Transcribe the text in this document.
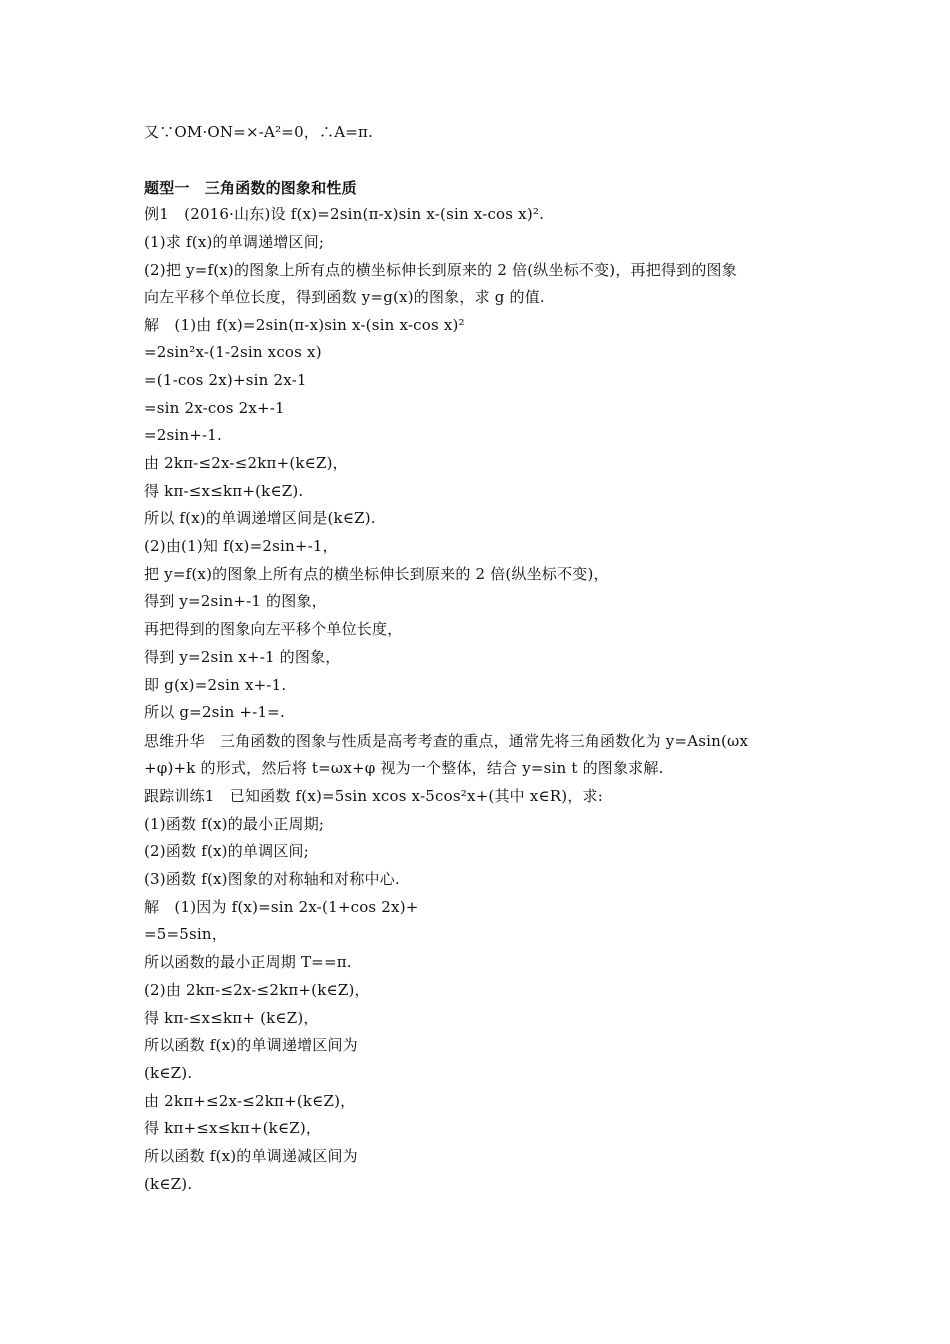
又∵OM·ON=×-A²=0，∴A=π.
题型一　三角函数的图象和性质
例1　(2016·山东)设 f(x)=2sin(π-x)sin x-(sin x-cos x)².
(1)求 f(x)的单调递增区间;
(2)把 y=f(x)的图象上所有点的横坐标伸长到原来的 2 倍(纵坐标不变)，再把得到的图象
向左平移个单位长度，得到函数 y=g(x)的图象，求 g 的值.
解　(1)由 f(x)=2sin(π-x)sin x-(sin x-cos x)²
=2sin²x-(1-2sin xcos x)
=(1-cos 2x)+sin 2x-1
=sin 2x-cos 2x+-1
=2sin+-1.
由 2kπ-≤2x-≤2kπ+(k∈Z)，
得 kπ-≤x≤kπ+(k∈Z).
所以 f(x)的单调递增区间是(k∈Z).
(2)由(1)知 f(x)=2sin+-1，
把 y=f(x)的图象上所有点的横坐标伸长到原来的 2 倍(纵坐标不变)，
得到 y=2sin+-1 的图象，
再把得到的图象向左平移个单位长度，
得到 y=2sin x+-1 的图象，
即 g(x)=2sin x+-1.
所以 g=2sin +-1=.
思维升华　三角函数的图象与性质是高考考查的重点，通常先将三角函数化为 y=Asin(ωx
+φ)+k 的形式，然后将 t=ωx+φ 视为一个整体，结合 y=sin t 的图象求解.
跟踪训练1　已知函数 f(x)=5sin xcos x-5cos²x+(其中 x∈R)，求:
(1)函数 f(x)的最小正周期;
(2)函数 f(x)的单调区间;
(3)函数 f(x)图象的对称轴和对称中心.
解　(1)因为 f(x)=sin 2x-(1+cos 2x)+
=5=5sin，
所以函数的最小正周期 T==π.
(2)由 2kπ-≤2x-≤2kπ+(k∈Z)，
得 kπ-≤x≤kπ+ (k∈Z)，
所以函数 f(x)的单调递增区间为
(k∈Z).
由 2kπ+≤2x-≤2kπ+(k∈Z)，
得 kπ+≤x≤kπ+(k∈Z)，
所以函数 f(x)的单调递减区间为
(k∈Z).
